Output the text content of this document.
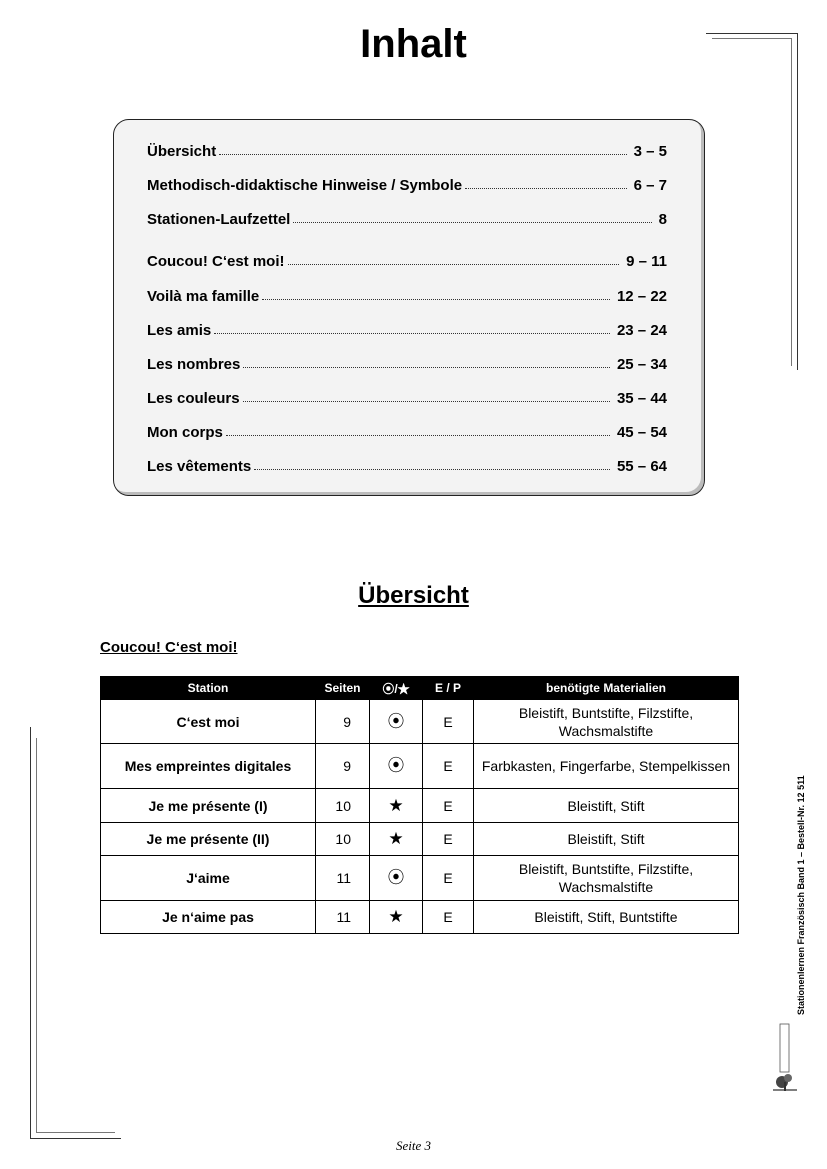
Inhalt
Übersicht	3 – 5
Methodisch-didaktische Hinweise / Symbole	6 – 7
Stationen-Laufzettel	8
Coucou! C‘est moi!	9 – 11
Voilà ma famille	12 – 22
Les amis	23 – 24
Les nombres	25 – 34
Les couleurs	35 – 44
Mon corps	45 – 54
Les vêtements	55 – 64
Übersicht
Coucou! C‘est moi!
Station	Seiten	⦿/★	E / P	benötigte Materialien
C‘est moi	9	⦿	E	Bleistift, Buntstifte, Filzstifte, Wachsmalstifte
Mes empreintes digitales	9	⦿	E	Farbkasten, Fingerfarbe, Stempelkissen
Je me présente (I)	10	★	E	Bleistift, Stift
Je me présente (II)	10	★	E	Bleistift, Stift
J‘aime	11	⦿	E	Bleistift, Buntstifte, Filzstifte, Wachsmalstifte
Je n‘aime pas	11	★	E	Bleistift, Stift, Buntstifte	Stationenlernen Französisch Band 1 – Bestell-Nr. 12 511
Seite 3
